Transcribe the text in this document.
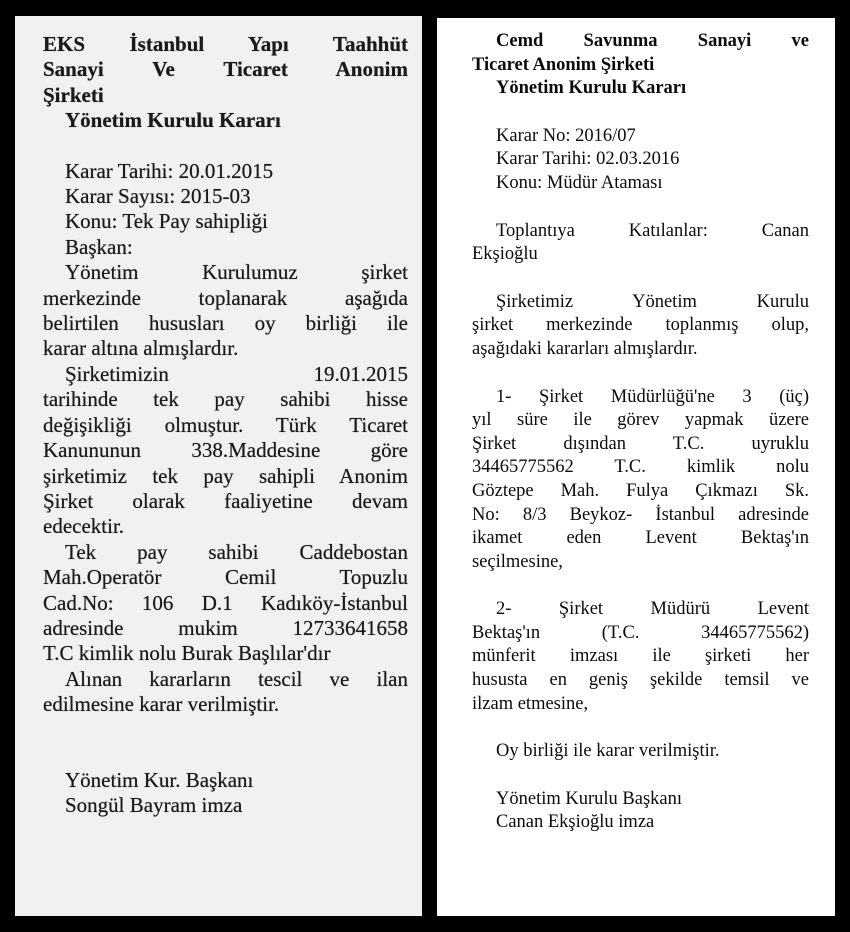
EKS İstanbul Yapı Taahhüt
Sanayi Ve Ticaret Anonim
Şirketi
Yönetim Kurulu Kararı
Karar Tarihi: 20.01.2015
Karar Sayısı: 2015-03
Konu: Tek Pay sahipliği
Başkan:
Yönetim Kurulumuz şirket
merkezinde toplanarak aşağıda
belirtilen hususları oy birliği ile
karar altına almışlardır.
Şirketimizin 19.01.2015
tarihinde tek pay sahibi hisse
değişikliği olmuştur. Türk Ticaret
Kanununun 338.Maddesine göre
şirketimiz tek pay sahipli Anonim
Şirket olarak faaliyetine devam
edecektir.
Tek pay sahibi Caddebostan
Mah.Operatör Cemil Topuzlu
Cad.No: 106 D.1 Kadıköy-İstanbul
adresinde mukim 12733641658
T.C kimlik nolu Burak Başlılar'dır
Alınan kararların tescil ve ilan
edilmesine karar verilmiştir.
Yönetim Kur. Başkanı
Songül Bayram imza
Cemd Savunma Sanayi ve
Ticaret Anonim Şirketi
Yönetim Kurulu Kararı
Karar No: 2016/07
Karar Tarihi: 02.03.2016
Konu: Müdür Ataması
Toplantıya Katılanlar: Canan
Ekşioğlu
Şirketimiz Yönetim Kurulu
şirket merkezinde toplanmış olup,
aşağıdaki kararları almışlardır.
1- Şirket Müdürlüğü'ne 3 (üç)
yıl süre ile görev yapmak üzere
Şirket dışından T.C. uyruklu
34465775562 T.C. kimlik nolu
Göztepe Mah. Fulya Çıkmazı Sk.
No: 8/3 Beykoz- İstanbul adresinde
ikamet eden Levent Bektaş'ın
seçilmesine,
2- Şirket Müdürü Levent
Bektaş'ın (T.C. 34465775562)
münferit imzası ile şirketi her
hususta en geniş şekilde temsil ve
ilzam etmesine,
Oy birliği ile karar verilmiştir.
Yönetim Kurulu Başkanı
Canan Ekşioğlu imza
